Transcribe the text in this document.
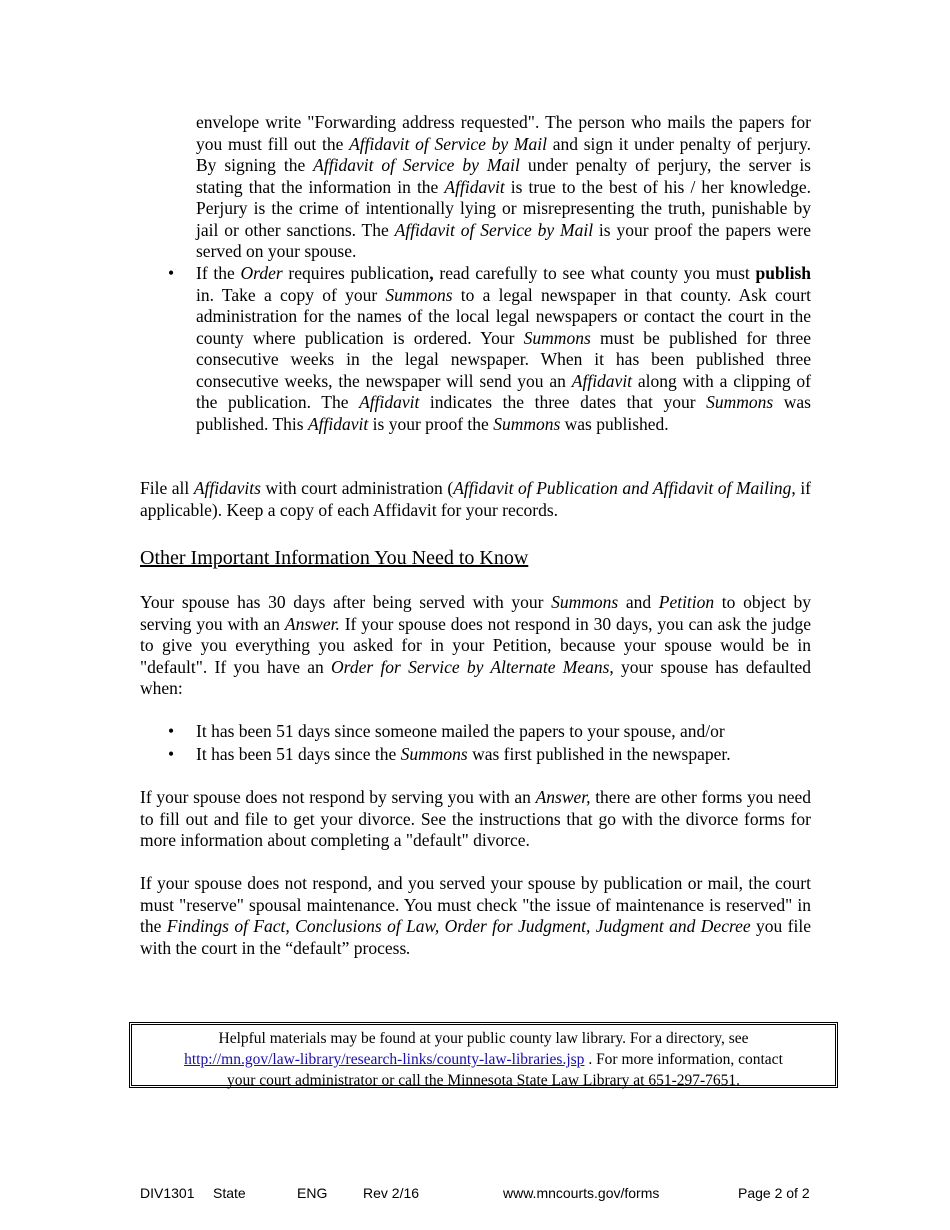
envelope write "Forwarding address requested". The person who mails the papers for you must fill out the Affidavit of Service by Mail and sign it under penalty of perjury. By signing the Affidavit of Service by Mail under penalty of perjury, the server is stating that the information in the Affidavit is true to the best of his / her knowledge. Perjury is the crime of intentionally lying or misrepresenting the truth, punishable by jail or other sanctions. The Affidavit of Service by Mail is your proof the papers were served on your spouse.

• If the Order requires publication, read carefully to see what county you must publish in. Take a copy of your Summons to a legal newspaper in that county. Ask court administration for the names of the local legal newspapers or contact the court in the county where publication is ordered. Your Summons must be published for three consecutive weeks in the legal newspaper. When it has been published three consecutive weeks, the newspaper will send you an Affidavit along with a clipping of the publication. The Affidavit indicates the three dates that your Summons was published. This Affidavit is your proof the Summons was published.

File all Affidavits with court administration (Affidavit of Publication and Affidavit of Mailing, if applicable). Keep a copy of each Affidavit for your records.

Other Important Information You Need to Know

Your spouse has 30 days after being served with your Summons and Petition to object by serving you with an Answer. If your spouse does not respond in 30 days, you can ask the judge to give you everything you asked for in your Petition, because your spouse would be in "default". If you have an Order for Service by Alternate Means, your spouse has defaulted when:

• It has been 51 days since someone mailed the papers to your spouse, and/or

• It has been 51 days since the Summons was first published in the newspaper.

If your spouse does not respond by serving you with an Answer, there are other forms you need to fill out and file to get your divorce. See the instructions that go with the divorce forms for more information about completing a "default" divorce.

If your spouse does not respond, and you served your spouse by publication or mail, the court must "reserve" spousal maintenance. You must check "the issue of maintenance is reserved" in the Findings of Fact, Conclusions of Law, Order for Judgment, Judgment and Decree you file with the court in the “default” process.

Helpful materials may be found at your public county law library. For a directory, see
http://mn.gov/law-library/research-links/county-law-libraries.jsp . For more information, contact
your court administrator or call the Minnesota State Law Library at 651-297-7651.

DIV1301 State	ENG	Rev 2/16	www.mncourts.gov/forms	Page 2 of 2
